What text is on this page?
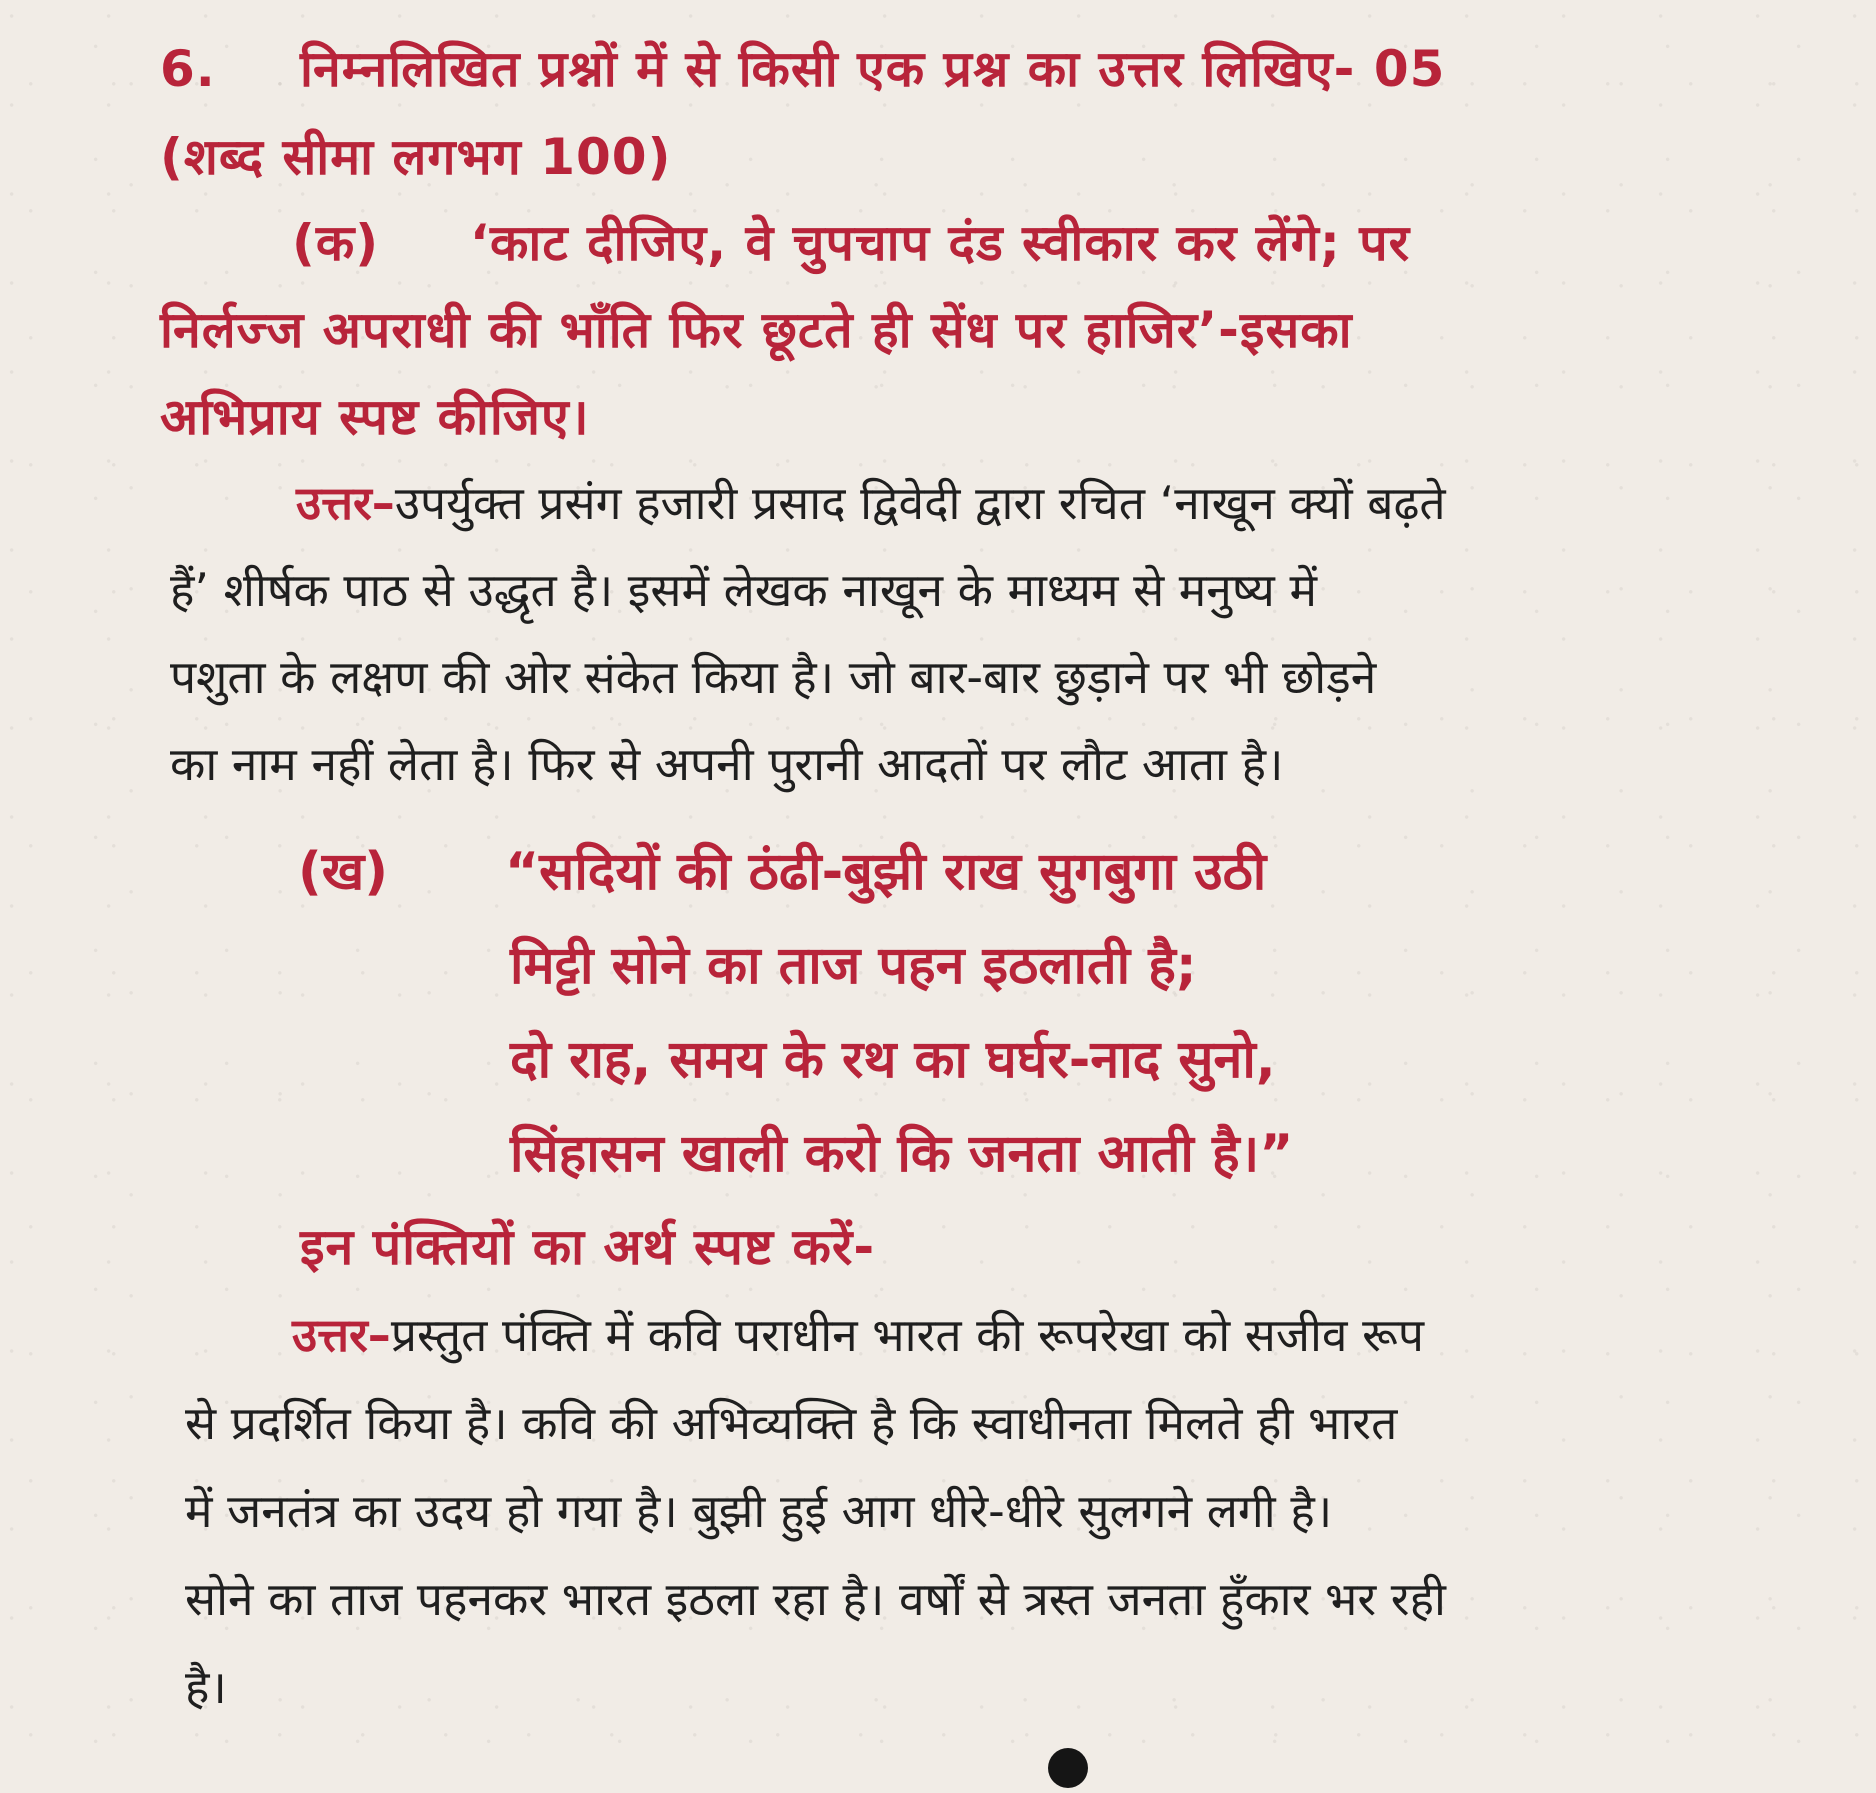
6. निम्नलिखित प्रश्नों में से किसी एक प्रश्न का उत्तर लिखिए- 05
(शब्द सीमा लगभग 100)
(क) ‘काट दीजिए, वे चुपचाप दंड स्वीकार कर लेंगे; पर
निर्लज्ज अपराधी की भाँति फिर छूटते ही सेंध पर हाजिर’-इसका
अभिप्राय स्पष्ट कीजिए।
उत्तर–उपर्युक्त प्रसंग हजारी प्रसाद द्विवेदी द्वारा रचित ‘नाखून क्यों बढ़ते
हैं’ शीर्षक पाठ से उद्धृत है। इसमें लेखक नाखून के माध्यम से मनुष्य में
पशुता के लक्षण की ओर संकेत किया है। जो बार-बार छुड़ाने पर भी छोड़ने
का नाम नहीं लेता है। फिर से अपनी पुरानी आदतों पर लौट आता है।
(ख) “सदियों की ठंढी-बुझी राख सुगबुगा उठी
मिट्टी सोने का ताज पहन इठलाती है;
दो राह, समय के रथ का घर्घर-नाद सुनो,
सिंहासन खाली करो कि जनता आती है।”
इन पंक्तियों का अर्थ स्पष्ट करें-
उत्तर–प्रस्तुत पंक्ति में कवि पराधीन भारत की रूपरेखा को सजीव रूप
से प्रदर्शित किया है। कवि की अभिव्यक्ति है कि स्वाधीनता मिलते ही भारत
में जनतंत्र का उदय हो गया है। बुझी हुई आग धीरे-धीरे सुलगने लगी है।
सोने का ताज पहनकर भारत इठला रहा है। वर्षों से त्रस्त जनता हुँकार भर रही
है।
